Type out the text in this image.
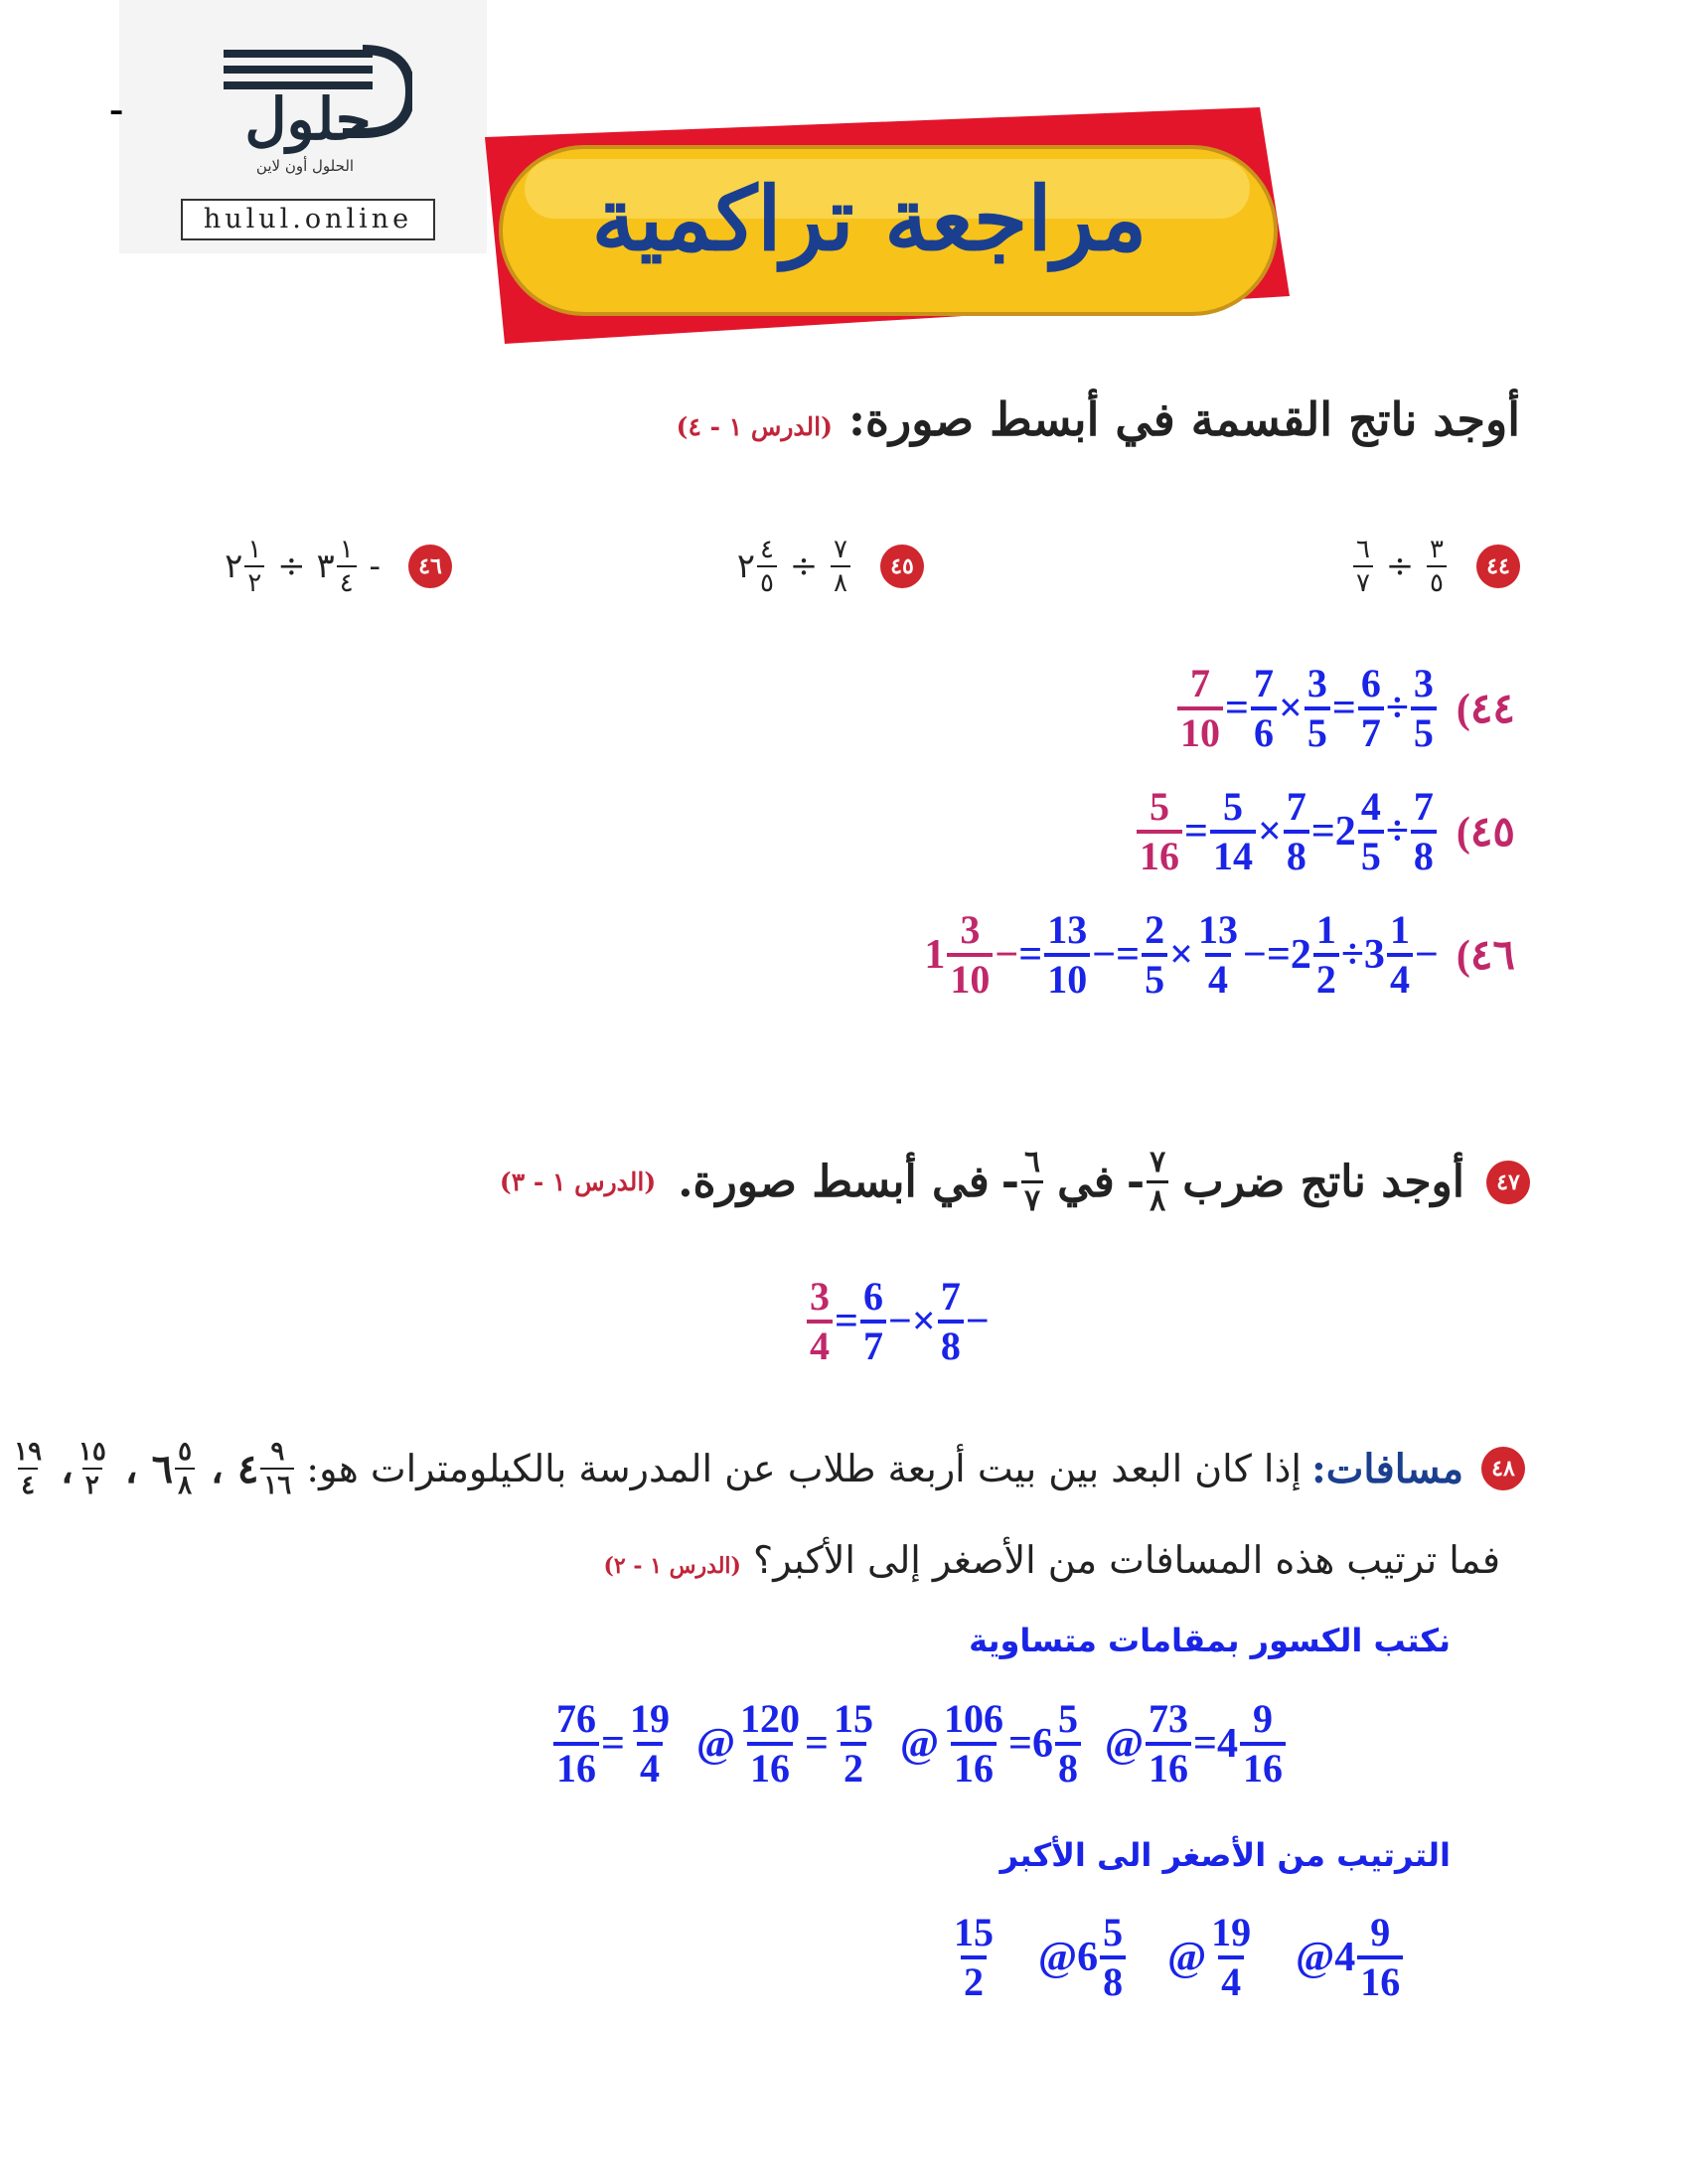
ـ حلول
الحلول أون لاين
hulul.online	مراجعة تراكمية
أوجد ناتج القسمة في أبسط صورة: (الدرس ١ - ٤)
$\frac{٦}{٧} \div \frac{٣}{٥}$	٤٤
٢ $\frac{٤}{٥} \div \frac{٧}{٨}$	٤٥
٢ $\frac{١}{٢}$ ÷ ٣ $\frac{١}{٤}$ -	٤٦
$\frac{7}{10} = \frac{7}{6} \times \frac{3}{5} = \frac{6}{7} \div \frac{3}{5}$ (٤٤
$\frac{5}{16} = \frac{5}{14} \times \frac{7}{8} =2 \frac{4}{5} \div \frac{7}{8}$ (٤٥
$1 \frac{3}{10}$ − = $\frac{13}{10}$ − = $\frac{2}{5} \times \frac{13}{4} - =2 \frac{1}{2} \div 3 \frac{1}{4}$ − (٤٦
٤٧
أوجد ناتج ضرب
$\frac{٧}{٨}$
-
في
$\frac{٦}{٧}$
-
في أبسط صورة.
(الدرس ١ - ٣)
$\frac{3}{4} = \frac{6}{7} -\times \frac{7}{8}$ −
٤٨
مسافات:
إذا كان البعد بين بيت أربعة طلاب عن المدرسة بالكيلومترات هو:
$\frac{١٩}{٤}$ ، $\frac{١٥}{٢}$ ، ٦ $\frac{٥}{٨}$ ، ٤ $\frac{٩}{١٦}$
فما ترتيب هذه المسافات من الأصغر إلى الأكبر؟ (الدرس ١ - ٢)
نكتب الكسور بمقامات متساوية
$\frac{76}{16} = \frac{19}{4}$ @ $\frac{120}{16} = \frac{15}{2}$ @ $\frac{106}{16} =6 \frac{5}{8}$ @ $\frac{73}{16} =4 \frac{9}{16}$
الترتيب من الأصغر الى الأكبر
$\frac{15}{2}$ @6 $\frac{5}{8}$ @ $\frac{19}{4}$ @4 $\frac{9}{16}$
